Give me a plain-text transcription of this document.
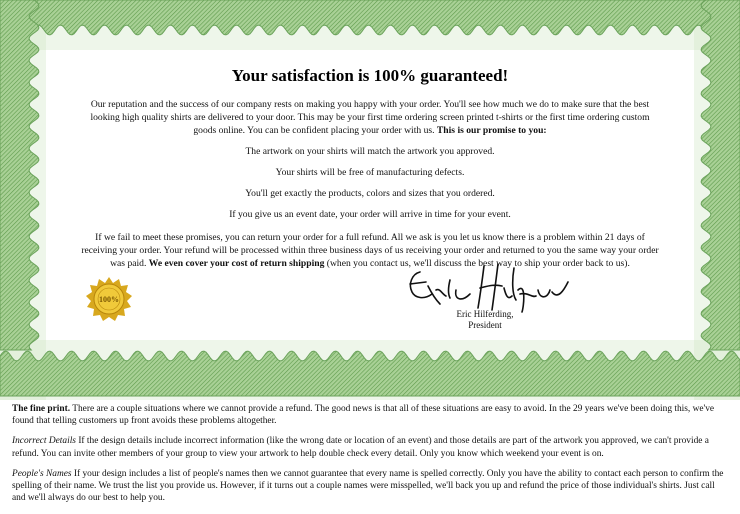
Your satisfaction is 100% guaranteed!

Our reputation and the success of our company rests on making you happy with your order. You'll see how much we do to make sure that the best looking high quality shirts are delivered to your door. This may be your first time ordering screen printed t-shirts or the first time ordering custom goods online. You can be confident placing your order with us. This is our promise to you:

The artwork on your shirts will match the artwork you approved.

Your shirts will be free of manufacturing defects.

You'll get exactly the products, colors and sizes that you ordered.

If you give us an event date, your order will arrive in time for your event.

If we fail to meet these promises, you can return your order for a full refund. All we ask is you let us know there is a problem within 21 days of receiving your order. Your refund will be processed within three business days of us receiving your order and returned to you the same way your order was paid. We even cover your cost of return shipping (when you contact us, we'll discuss the best way to ship your order back to us).

100%
Eric Hilferding,
President

The fine print. There are a couple situations where we cannot provide a refund. The good news is that all of these situations are easy to avoid. In the 29 years we've been doing this, we've found that telling customers up front avoids these problems altogether.

Incorrect Details If the design details include incorrect information (like the wrong date or location of an event) and those details are part of the artwork you approved, we can't provide a refund. You can invite other members of your group to view your artwork to help double check every detail. Only you know which weekend your event is on.

People's Names If your design includes a list of people's names then we cannot guarantee that every name is spelled correctly. Only you have the ability to contact each person to confirm the spelling of their name. We trust the list you provide us. However, if it turns out a couple names were misspelled, we'll back you up and refund the price of those individual's shirts. Just call and we'll always do our best to help you.
